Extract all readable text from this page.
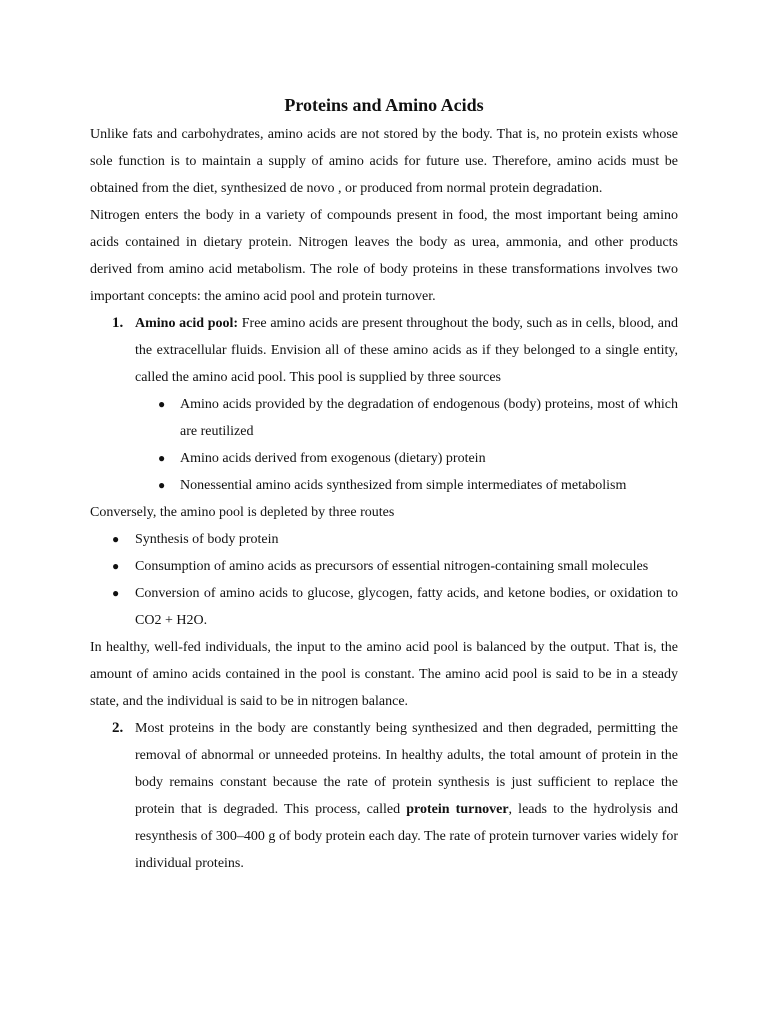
Proteins and Amino Acids

Unlike fats and carbohydrates, amino acids are not stored by the body. That is, no protein exists whose sole function is to maintain a supply of amino acids for future use. Therefore, amino acids must be obtained from the diet, synthesized de novo , or produced from normal protein degradation.

Nitrogen enters the body in a variety of compounds present in food, the most important being amino acids contained in dietary protein. Nitrogen leaves the body as urea, ammonia, and other products derived from amino acid metabolism. The role of body proteins in these transformations involves two important concepts: the amino acid pool and protein turnover.

1. Amino acid pool: Free amino acids are present throughout the body, such as in cells, blood, and the extracellular fluids. Envision all of these amino acids as if they belonged to a single entity, called the amino acid pool. This pool is supplied by three sources
● Amino acids provided by the degradation of endogenous (body) proteins, most of which are reutilized
● Amino acids derived from exogenous (dietary) protein
● Nonessential amino acids synthesized from simple intermediates of metabolism

Conversely, the amino pool is depleted by three routes

● Synthesis of body protein
● Consumption of amino acids as precursors of essential nitrogen-containing small molecules
● Conversion of amino acids to glucose, glycogen, fatty acids, and ketone bodies, or oxidation to CO2 + H2O.

In healthy, well-fed individuals, the input to the amino acid pool is balanced by the output. That is, the amount of amino acids contained in the pool is constant. The amino acid pool is said to be in a steady state, and the individual is said to be in nitrogen balance.

2. Most proteins in the body are constantly being synthesized and then degraded, permitting the removal of abnormal or unneeded proteins. In healthy adults, the total amount of protein in the body remains constant because the rate of protein synthesis is just sufficient to replace the protein that is degraded. This process, called protein turnover, leads to the hydrolysis and resynthesis of 300–400 g of body protein each day. The rate of protein turnover varies widely for individual proteins.
